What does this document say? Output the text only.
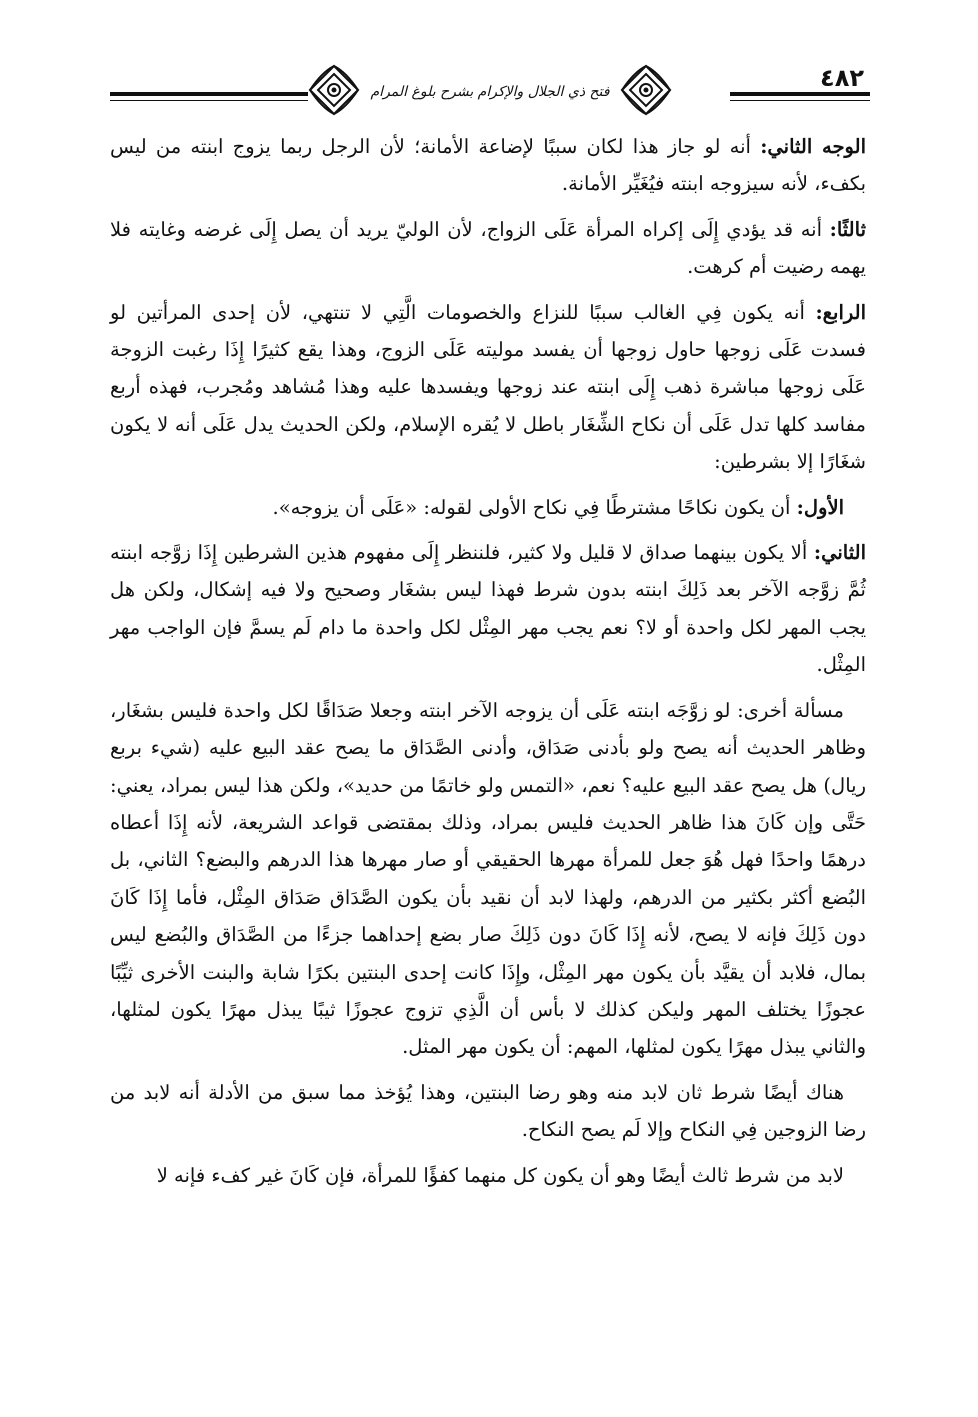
فتح ذي الجلال والإكرام بشرح بلوغ المرام	٤٨٢

الوجه الثاني: أنه لو جاز هذا لكان سببًا لإضاعة الأمانة؛ لأن الرجل ربما يزوج ابنته من ليس بكفء، لأنه سيزوجه ابنته فيُغَيِّر الأمانة.

ثالثًا: أنه قد يؤدي إِلَى إكراه المرأة عَلَى الزواج، لأن الوليّ يريد أن يصل إِلَى غرضه وغايته فلا يهمه رضيت أم كرهت.

الرابع: أنه يكون فِي الغالب سببًا للنزاع والخصومات الَّتِي لا تنتهي، لأن إحدى المرأتين لو فسدت عَلَى زوجها حاول زوجها أن يفسد موليته عَلَى الزوج، وهذا يقع كثيرًا إِذَا رغبت الزوجة عَلَى زوجها مباشرة ذهب إِلَى ابنته عند زوجها ويفسدها عليه وهذا مُشاهد ومُجرب، فهذه أربع مفاسد كلها تدل عَلَى أن نكاح الشِّغَار باطل لا يُقره الإسلام، ولكن الحديث يدل عَلَى أنه لا يكون شغَارًا إلا بشرطين:

الأول: أن يكون نكاحًا مشترطًا فِي نكاح الأولى لقوله: «عَلَى أن يزوجه».

الثاني: ألا يكون بينهما صداق لا قليل ولا كثير، فلننظر إِلَى مفهوم هذين الشرطين إِذَا زوَّجه ابنته ثُمَّ زوَّجه الآخر بعد ذَلِكَ ابنته بدون شرط فهذا ليس بشغَار وصحيح ولا فيه إشكال، ولكن هل يجب المهر لكل واحدة أو لا؟ نعم يجب مهر المِثْل لكل واحدة ما دام لَم يسمَّ فإن الواجب مهر المِثْل.

مسألة أخرى: لو زوَّجَه ابنته عَلَى أن يزوجه الآخر ابنته وجعلا صَدَاقًا لكل واحدة فليس بشغَار، وظاهر الحديث أنه يصح ولو بأدنى صَدَاق، وأدنى الصَّدَاق ما يصح عقد البيع عليه (شيء بربع ريال) هل يصح عقد البيع عليه؟ نعم، «التمس ولو خاتمًا من حديد»، ولكن هذا ليس بمراد، يعني: حَتَّى وإن كَانَ هذا ظاهر الحديث فليس بمراد، وذلك بمقتضى قواعد الشريعة، لأنه إِذَا أعطاه درهمًا واحدًا فهل هُوَ جعل للمرأة مهرها الحقيقي أو صار مهرها هذا الدرهم والبضع؟ الثاني، بل البُضع أكثر بكثير من الدرهم، ولهذا لابد أن نقيد بأن يكون الصَّدَاق صَدَاق المِثْل، فأما إِذَا كَانَ دون ذَلِكَ فإنه لا يصح، لأنه إِذَا كَانَ دون ذَلِكَ صار بضع إحداهما جزءًا من الصَّدَاق والبُضع ليس بمال، فلابد أن يقيَّد بأن يكون مهر المِثْل، وإِذَا كانت إحدى البنتين بكرًا شابة والبنت الأخرى ثيِّبًا عجوزًا يختلف المهر وليكن كذلك لا بأس أن الَّذِي تزوج عجوزًا ثيبًا يبذل مهرًا يكون لمثلها، والثاني يبذل مهرًا يكون لمثلها، المهم: أن يكون مهر المثل.

هناك أيضًا شرط ثان لابد منه وهو رضا البنتين، وهذا يُؤخذ مما سبق من الأدلة أنه لابد من رضا الزوجين فِي النكاح وإلا لَم يصح النكاح.

لابد من شرط ثالث أيضًا وهو أن يكون كل منهما كفؤًا للمرأة، فإن كَانَ غير كفء فإنه لا
